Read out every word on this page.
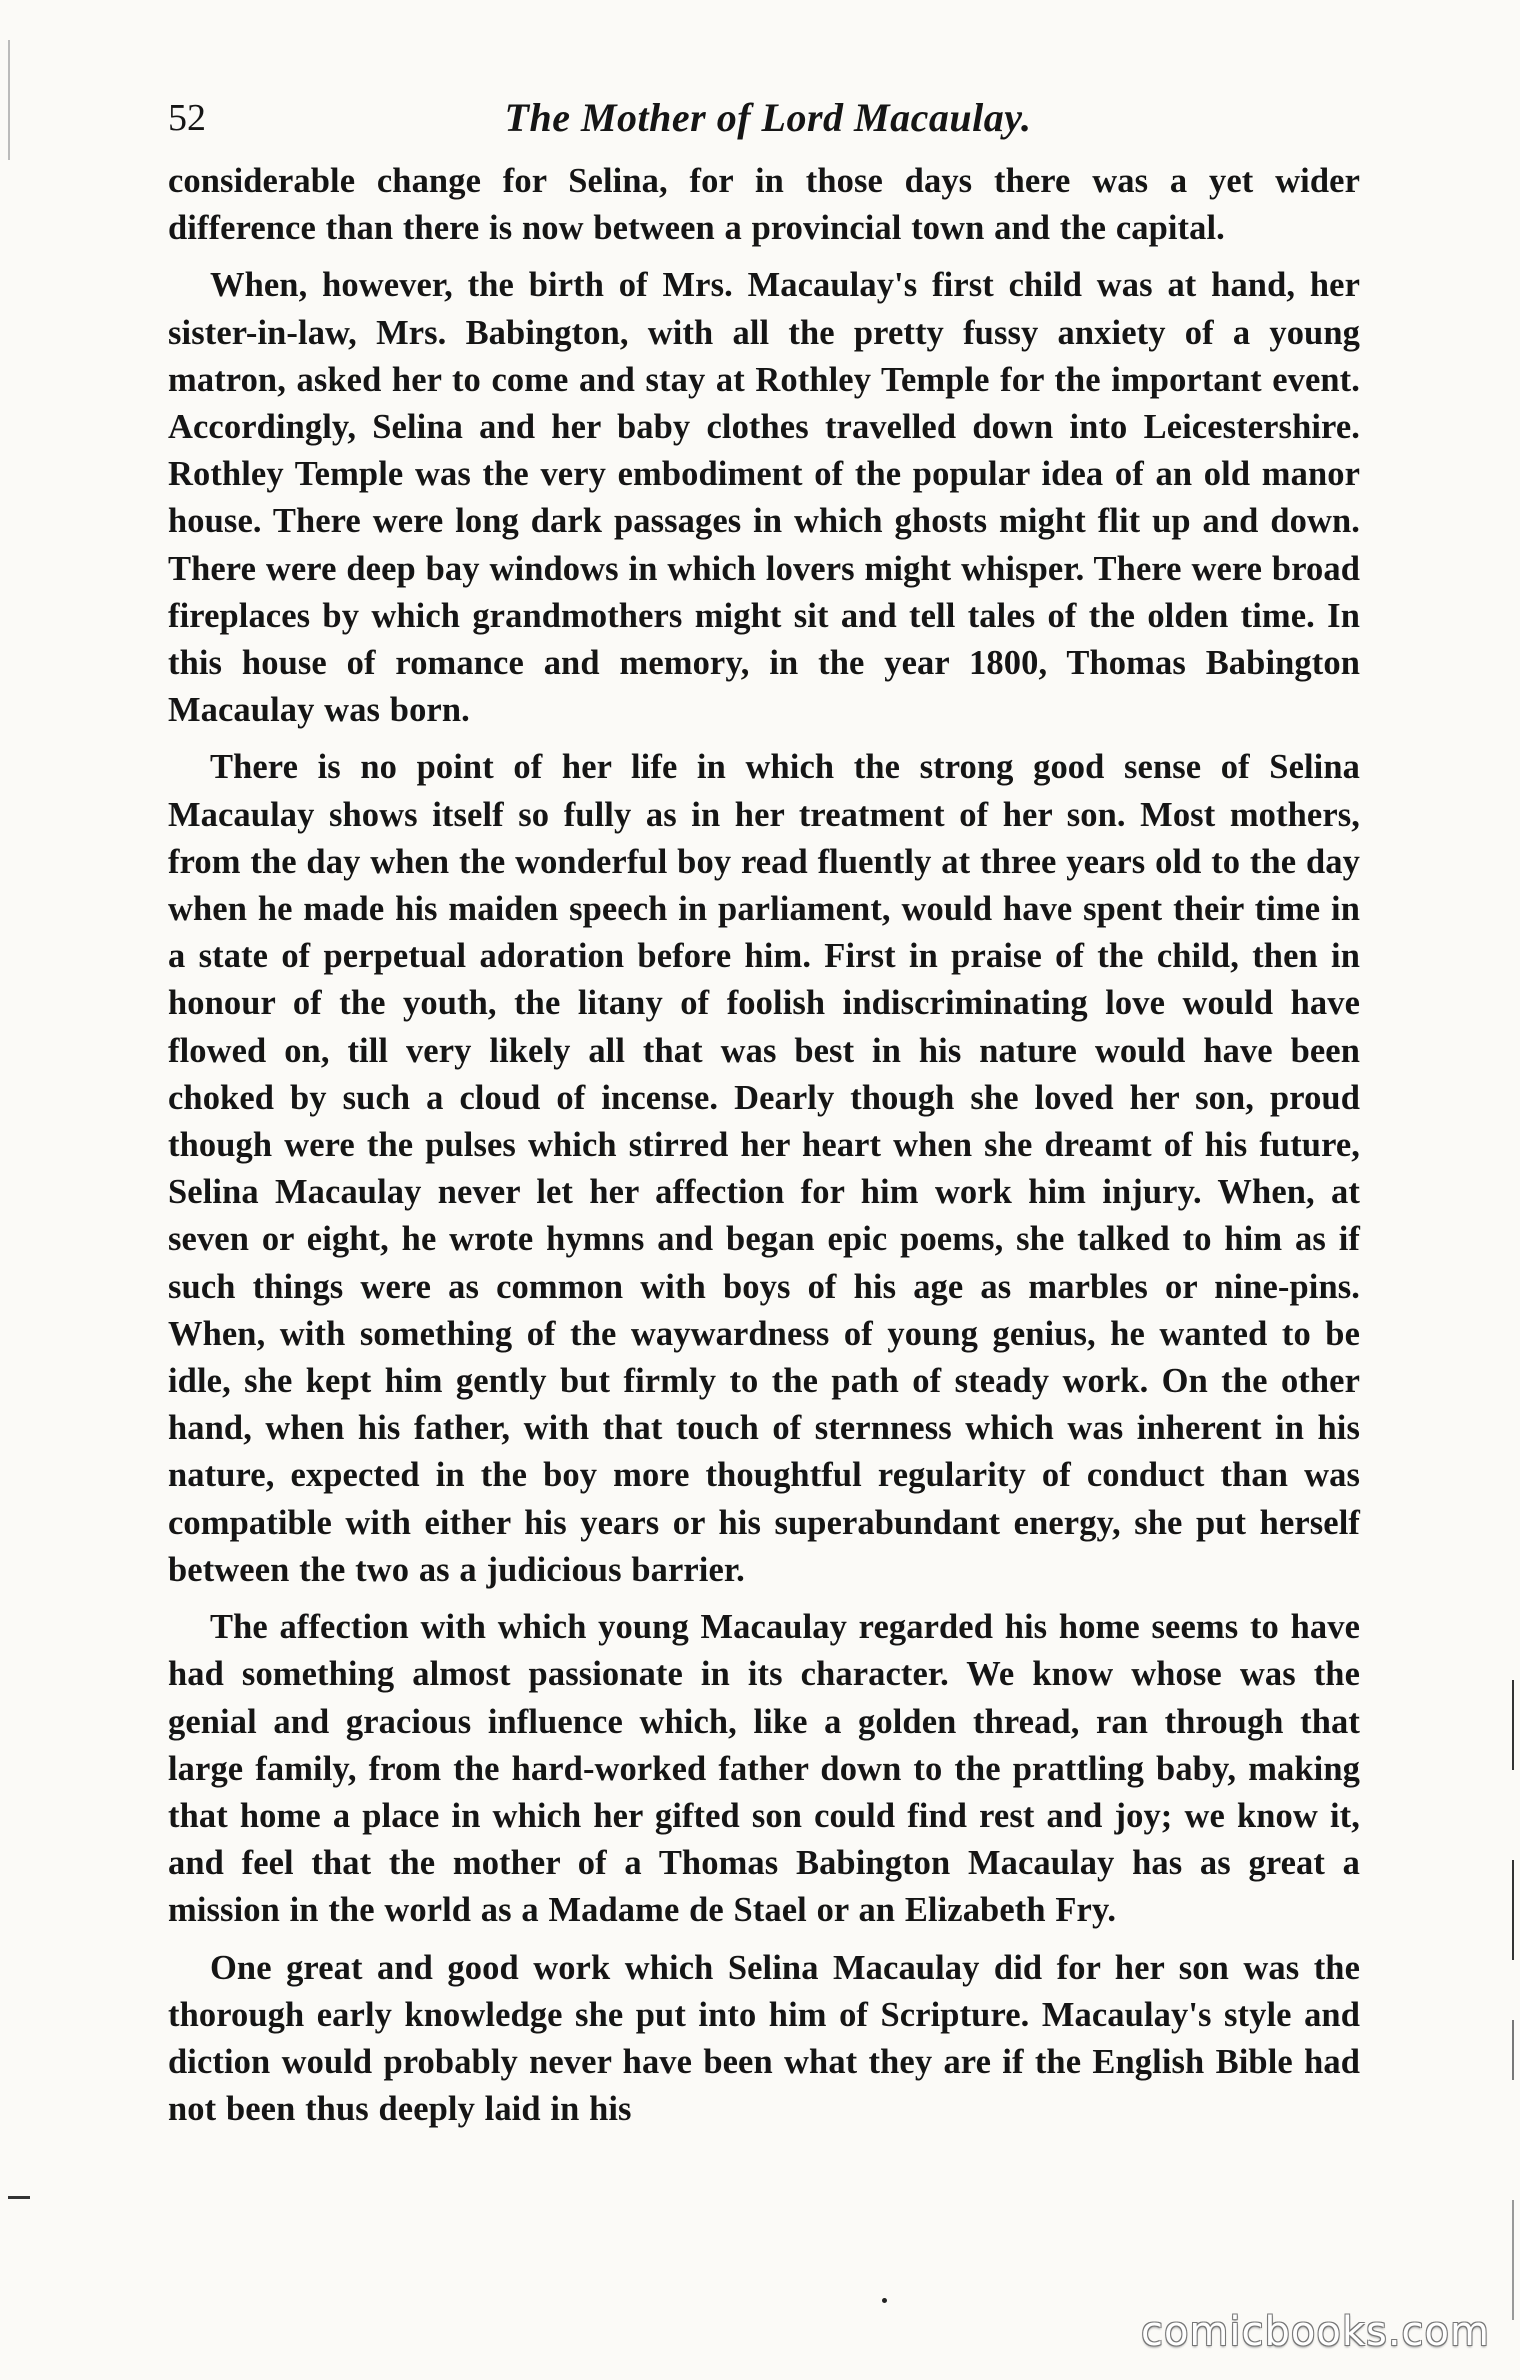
52	The Mother of Lord Macaulay.

considerable change for Selina, for in those days there was a yet wider difference than there is now between a provincial town and the capital.

When, however, the birth of Mrs. Macaulay's first child was at hand, her sister-in-law, Mrs. Babington, with all the pretty fussy anxiety of a young matron, asked her to come and stay at Rothley Temple for the important event. Accordingly, Selina and her baby clothes travelled down into Leicestershire. Rothley Temple was the very embodiment of the popular idea of an old manor house. There were long dark passages in which ghosts might flit up and down. There were deep bay windows in which lovers might whisper. There were broad fireplaces by which grandmothers might sit and tell tales of the olden time. In this house of romance and memory, in the year 1800, Thomas Babington Macaulay was born.

There is no point of her life in which the strong good sense of Selina Macaulay shows itself so fully as in her treatment of her son. Most mothers, from the day when the wonderful boy read fluently at three years old to the day when he made his maiden speech in parliament, would have spent their time in a state of perpetual adoration before him. First in praise of the child, then in honour of the youth, the litany of foolish indiscriminating love would have flowed on, till very likely all that was best in his nature would have been choked by such a cloud of incense. Dearly though she loved her son, proud though were the pulses which stirred her heart when she dreamt of his future, Selina Macaulay never let her affection for him work him injury. When, at seven or eight, he wrote hymns and began epic poems, she talked to him as if such things were as common with boys of his age as marbles or nine-pins. When, with something of the waywardness of young genius, he wanted to be idle, she kept him gently but firmly to the path of steady work. On the other hand, when his father, with that touch of sternness which was inherent in his nature, expected in the boy more thoughtful regularity of conduct than was compatible with either his years or his superabundant energy, she put herself between the two as a judicious barrier.

The affection with which young Macaulay regarded his home seems to have had something almost passionate in its character. We know whose was the genial and gracious influence which, like a golden thread, ran through that large family, from the hard-worked father down to the prattling baby, making that home a place in which her gifted son could find rest and joy; we know it, and feel that the mother of a Thomas Babington Macaulay has as great a mission in the world as a Madame de Stael or an Elizabeth Fry.

One great and good work which Selina Macaulay did for her son was the thorough early knowledge she put into him of Scripture. Macaulay's style and diction would probably never have been what they are if the English Bible had not been thus deeply laid in his

comicbooks.com
